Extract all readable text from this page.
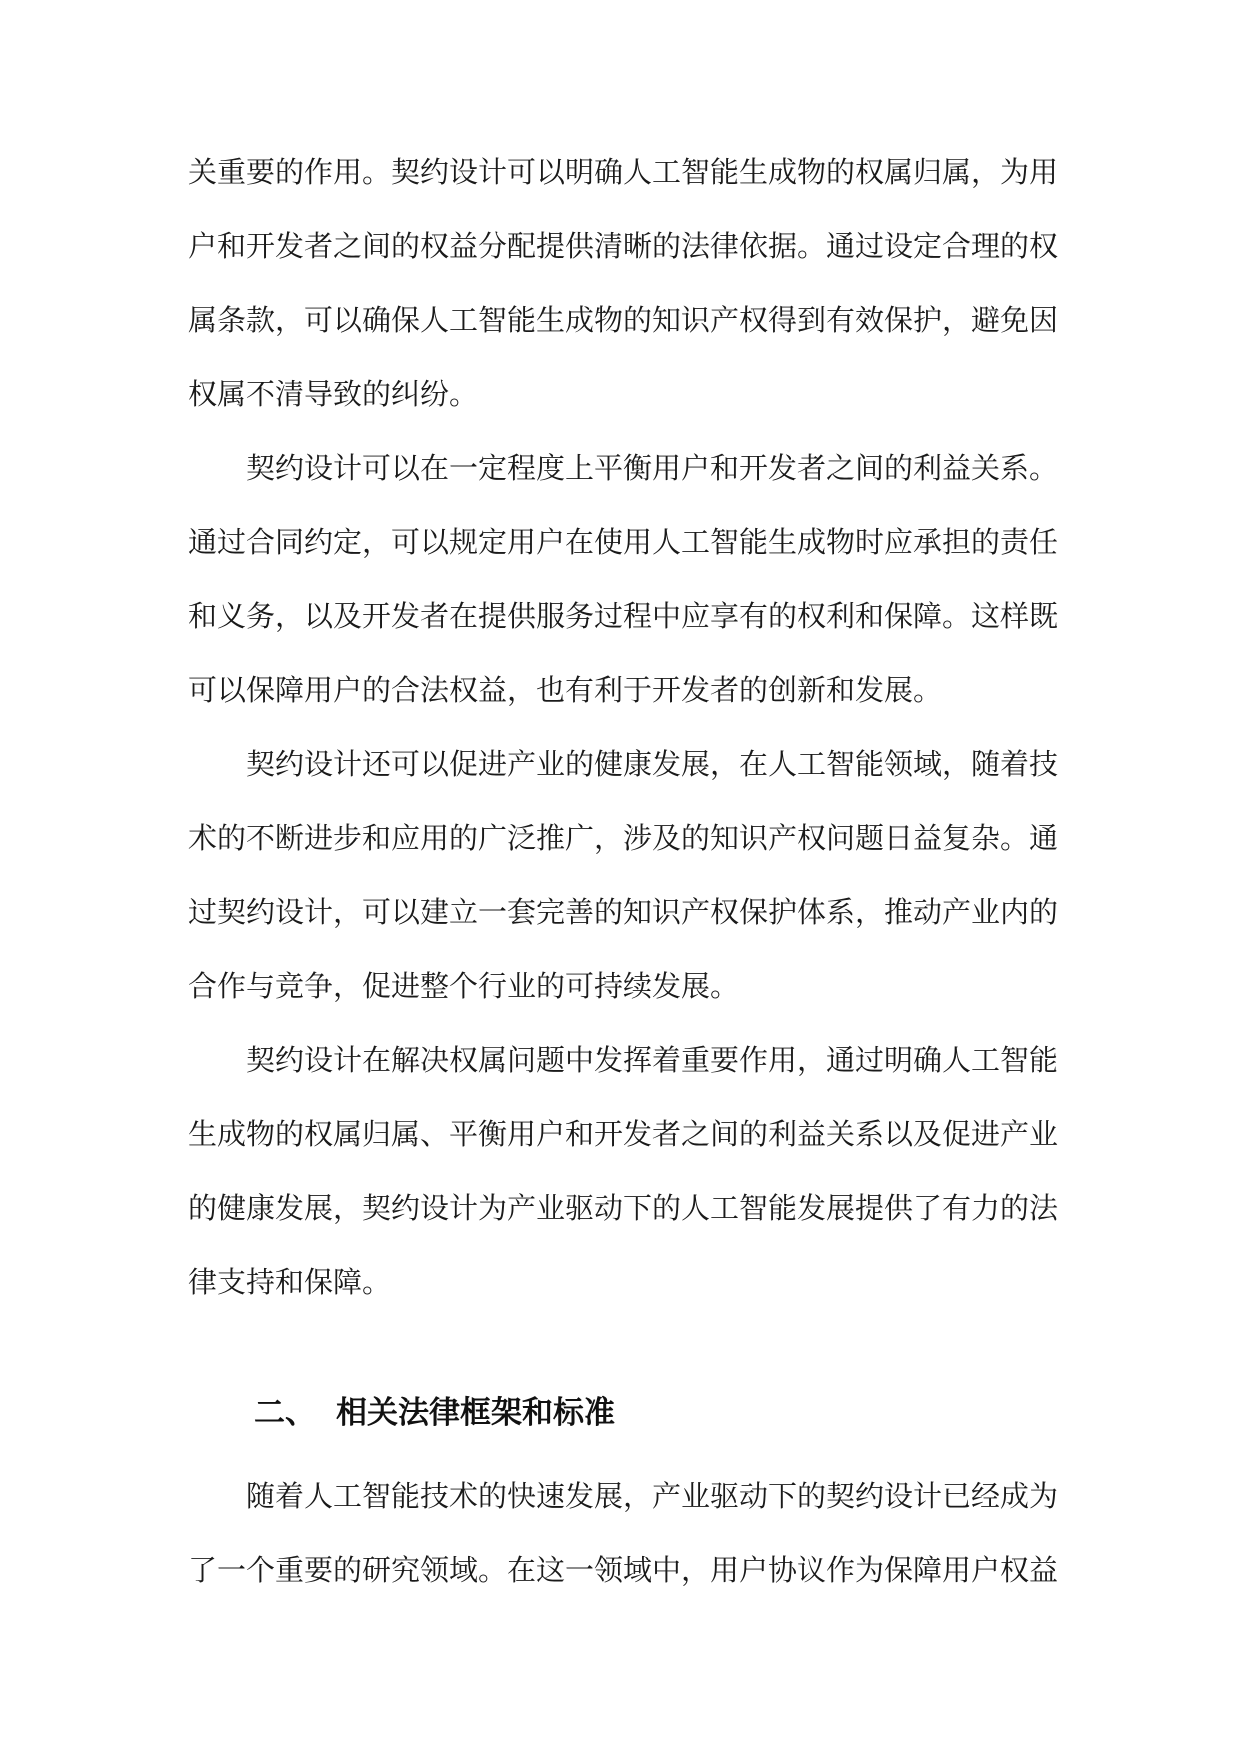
关重要的作用。契约设计可以明确人工智能生成物的权属归属，为用

户和开发者之间的权益分配提供清晰的法律依据。通过设定合理的权

属条款，可以确保人工智能生成物的知识产权得到有效保护，避免因

权属不清导致的纠纷。

契约设计可以在一定程度上平衡用户和开发者之间的利益关系。

通过合同约定，可以规定用户在使用人工智能生成物时应承担的责任

和义务，以及开发者在提供服务过程中应享有的权利和保障。这样既

可以保障用户的合法权益，也有利于开发者的创新和发展。

契约设计还可以促进产业的健康发展，在人工智能领域，随着技

术的不断进步和应用的广泛推广，涉及的知识产权问题日益复杂。通

过契约设计，可以建立一套完善的知识产权保护体系，推动产业内的

合作与竞争，促进整个行业的可持续发展。

契约设计在解决权属问题中发挥着重要作用，通过明确人工智能

生成物的权属归属、平衡用户和开发者之间的利益关系以及促进产业

的健康发展，契约设计为产业驱动下的人工智能发展提供了有力的法

律支持和保障。

二、 相关法律框架和标准

随着人工智能技术的快速发展，产业驱动下的契约设计已经成为

了一个重要的研究领域。在这一领域中，用户协议作为保障用户权益
